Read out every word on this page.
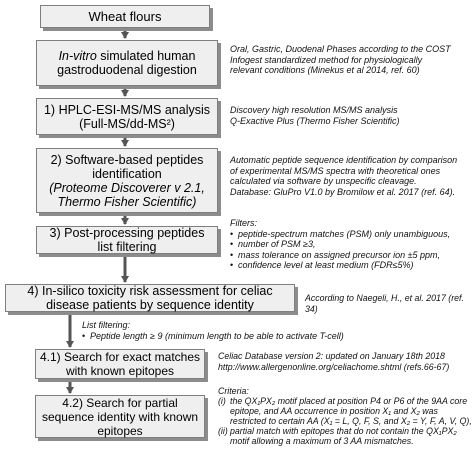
Wheat flours
In-vitro simulated human
gastroduodenal digestion
1) HPLC-ESI-MS/MS analysis
(Full-MS/dd-MS²)
2) Software-based peptides
identification
(Proteome Discoverer v 2.1,
Thermo Fisher Scientific)
3) Post-processing peptides
list filtering
4) In-silico toxicity risk assessment for celiac
disease patients by sequence identity
4.1) Search for exact matches
with known epitopes
4.2) Search for partial
sequence identity with known
epitopes
Oral, Gastric, Duodenal Phases according to the COST
Infogest standardized method for physiologically
relevant conditions (Minekus et al 2014, ref. 60)
Discovery high resolution MS/MS analysis
Q-Exactive Plus (Thermo Fisher Scientific)
Automatic peptide sequence identification by comparison
of experimental MS/MS spectra with theoretical ones
calculated via software by unspecific cleavage.
Database: GluPro V1.0 by Bromilow et al. 2017 (ref. 64).
Filters:
• peptide-spectrum matches (PSM) only unambiguous,
• number of PSM ≥3,
• mass tolerance on assigned precursor ion ±5 ppm,
• confidence level at least medium (FDR≤5%)
According to Naegeli, H., et al. 2017 (ref. 34)
List filtering:
• Peptide length ≥ 9 (minimum length to be able to activate T-cell)
Celiac Database version 2: updated on January 18th 2018
http://www.allergenonline.org/celiachome.shtml (refs.66-67)
Criteria:
(i) the QX₁PX₂ motif placed at position P4 or P6 of the 9AA core
epitope, and AA occurrence in position X₁ and X₂ was
restricted to certain AA (X₁ = L, Q, F, S, and X₂ = Y, F, A, V, Q),
(ii) partial match with epitopes that do not contain the QX₁PX₂
motif allowing a maximum of 3 AA mismatches.
